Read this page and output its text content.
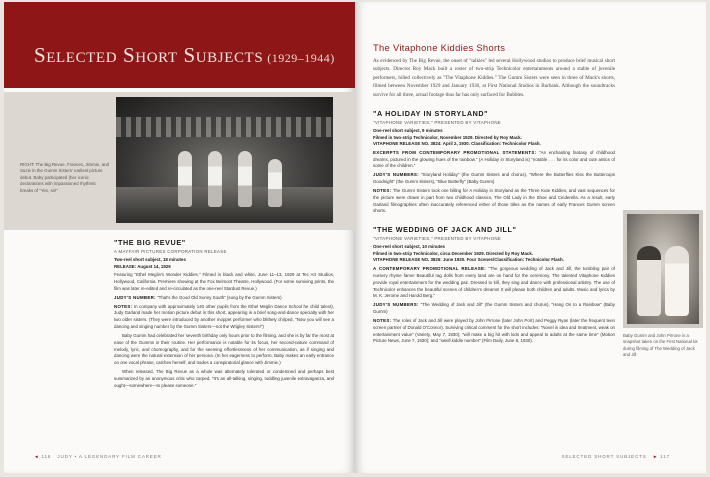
Selected Short Subjects (1929–1944)
RIGHT: The Big Revue. Frances, Jimmie, and Suzie in the Gumm Sisters' earliest picture debut. Baby participated (her iconic declarations with impassioned rhythmic breaks of "Yes, sir!"
"THE BIG REVUE"
A MAYFAIR PICTURES CORPORATION RELEASE
Two-reel short subject, 18 minutes
RELEASE: August 14, 1929
Featuring "Ethel Meglin's Wonder Kiddies." Filmed in black and white, June 11–13, 1929 at Tec Art Studios, Hollywood, California. Premiere showing at the Fox Belmont Theatre, Hollywood. (For some surviving prints, the film was later re-edited and re-circulated as the one-reel Stardust Revue.)
JUDY'S NUMBER: "That's the Good Old Sunny South" (sung by the Gumm Sisters)
NOTES: In company with approximately 140 other pupils from the Ethel Meglin Dance School he child talent), Judy Garland made her motion picture debut in this short, appearing in a brief song-and-dance specialty with her two older sisters. (They were introduced by another moppet performer who blithely chirped, "Now you will see a dancing and singing number by the Gumm Sisters—not the Wrigley Sisters!")
Baby Gumm had celebrated her seventh birthday only hours prior to the filming, and she is by far the most at ease of the Gumms in their routine. Her performance is notable for its focus, her second-nature command of melody, lyric, and choreography, and for the seeming effortlessness of her communication, as if singing and dancing were the natural extension of her persona. (In her eagerness to perform, Baby makes an early entrance on one vocal phrase, catches herself, and trades a conspiratorial glance with Jimmie.)
When released, The Big Revue as a whole was alternately tolerated or condemned and perhaps best summarized by an anonymous critic who carped, "It's an all-talking, singing, toddling juvenile extravaganza, and ought—somewhere—to please someone."
◄ 116 JUDY • A LEGENDARY FILM CAREER
The Vitaphone Kiddies Shorts
As evidenced by The Big Revue, the onset of "talkies" led several Hollywood studios to produce brief musical short subjects. Director Roy Mack built a roster of two-strip Technicolor entertainments around a stable of juvenile performers, billed collectively as "The Vitaphone Kiddies." The Gumm Sisters were seen in three of Mack's shorts, filmed between November 1929 and January 1930, at First National Studios in Burbank. Although the soundtracks survive for all three, actual footage thus far has only surfaced for Bubbles.
"A HOLIDAY IN STORYLAND"
"VITAPHONE VARIETIES," PRESENTED BY VITAPHONE
One-reel short subject, 9 minutes
Filmed in two-strip Technicolor, November 1929. Directed by Roy Mack.
VITAPHONE RELEASE NO. 3824: April 2, 1930. Classification: Technicolor Flash.
EXCERPTS FROM CONTEMPORARY PROMOTIONAL STATEMENTS: "An enchanting fantasy of childhood dreams, pictured in the glowing hues of the rainbow." (A Holiday in Storyland is) "notable . . . for its color and cute antics of some of the children."
JUDY'S NUMBERS: "Storyland Holiday" (the Gumm Sisters and chorus), "Where the Butterflies Kiss the Buttercups Goodnight" (the Gumm Sisters), "Blue Butterfly" (Baby Gumm)
NOTES: The Gumm Sisters took one billing for A Holiday in Storyland as the Three Kute Kiddies, and vast sequences for the picture were drawn in part from two childhood classics, The Old Lady in the Shoe and Cinderella. As a result, early Garland filmographies often inaccurately referenced either of those titles as the names of early Frances Gumm screen shorts.
"THE WEDDING OF JACK AND JILL"
"VITAPHONE VARIETIES," PRESENTED BY VITAPHONE
One-reel short subject, 10 minutes
Filmed in two-strip Technicolor, circa December 1929. Directed by Roy Mack.
VITAPHONE RELEASE NO. 3826: June 1930. Four Scenes/Classification: Technicolor Flash.
A CONTEMPORARY PROMOTIONAL RELEASE: "The gorgeous wedding of Jack and Jill, the tumbling pair of nursery rhyme fame! Beautiful rag dolls from every land are on hand for the ceremony. The talented Vitaphone Kiddies provide royal entertainment for the wedding pair. Dressed to kill, they sing and dance with professional artistry. The use of Technicolor enhances the beautiful scenes of children's dreams! It will please both children and adults. Music and lyrics by M. K. Jerome and Harold Berg."
JUDY'S NUMBERS: "The Wedding of Jack and Jill" (the Gumm Sisters and chorus), "Hang On to a Rainbow" (Baby Gumm)
NOTES: The roles of Jack and Jill were played by John Pirrone (later John Port) and Peggy Ryan (later the frequent teen screen partner of Donald O'Connor). Surviving critical comment for the short includes: "Novel in idea and treatment, weak on entertainment value" (Variety, May 7, 1930); "will make a big hit with kids and appeal to adults at the same time" (Motion Picture News, June 7, 1930); and "swell kiddie number" (Film Daily, June 8, 1930).
Baby Gumm and John Pirrone in a snapshot taken on the First National lot during filming of The Wedding of Jack and Jill
SELECTED SHORT SUBJECTS ► 117
